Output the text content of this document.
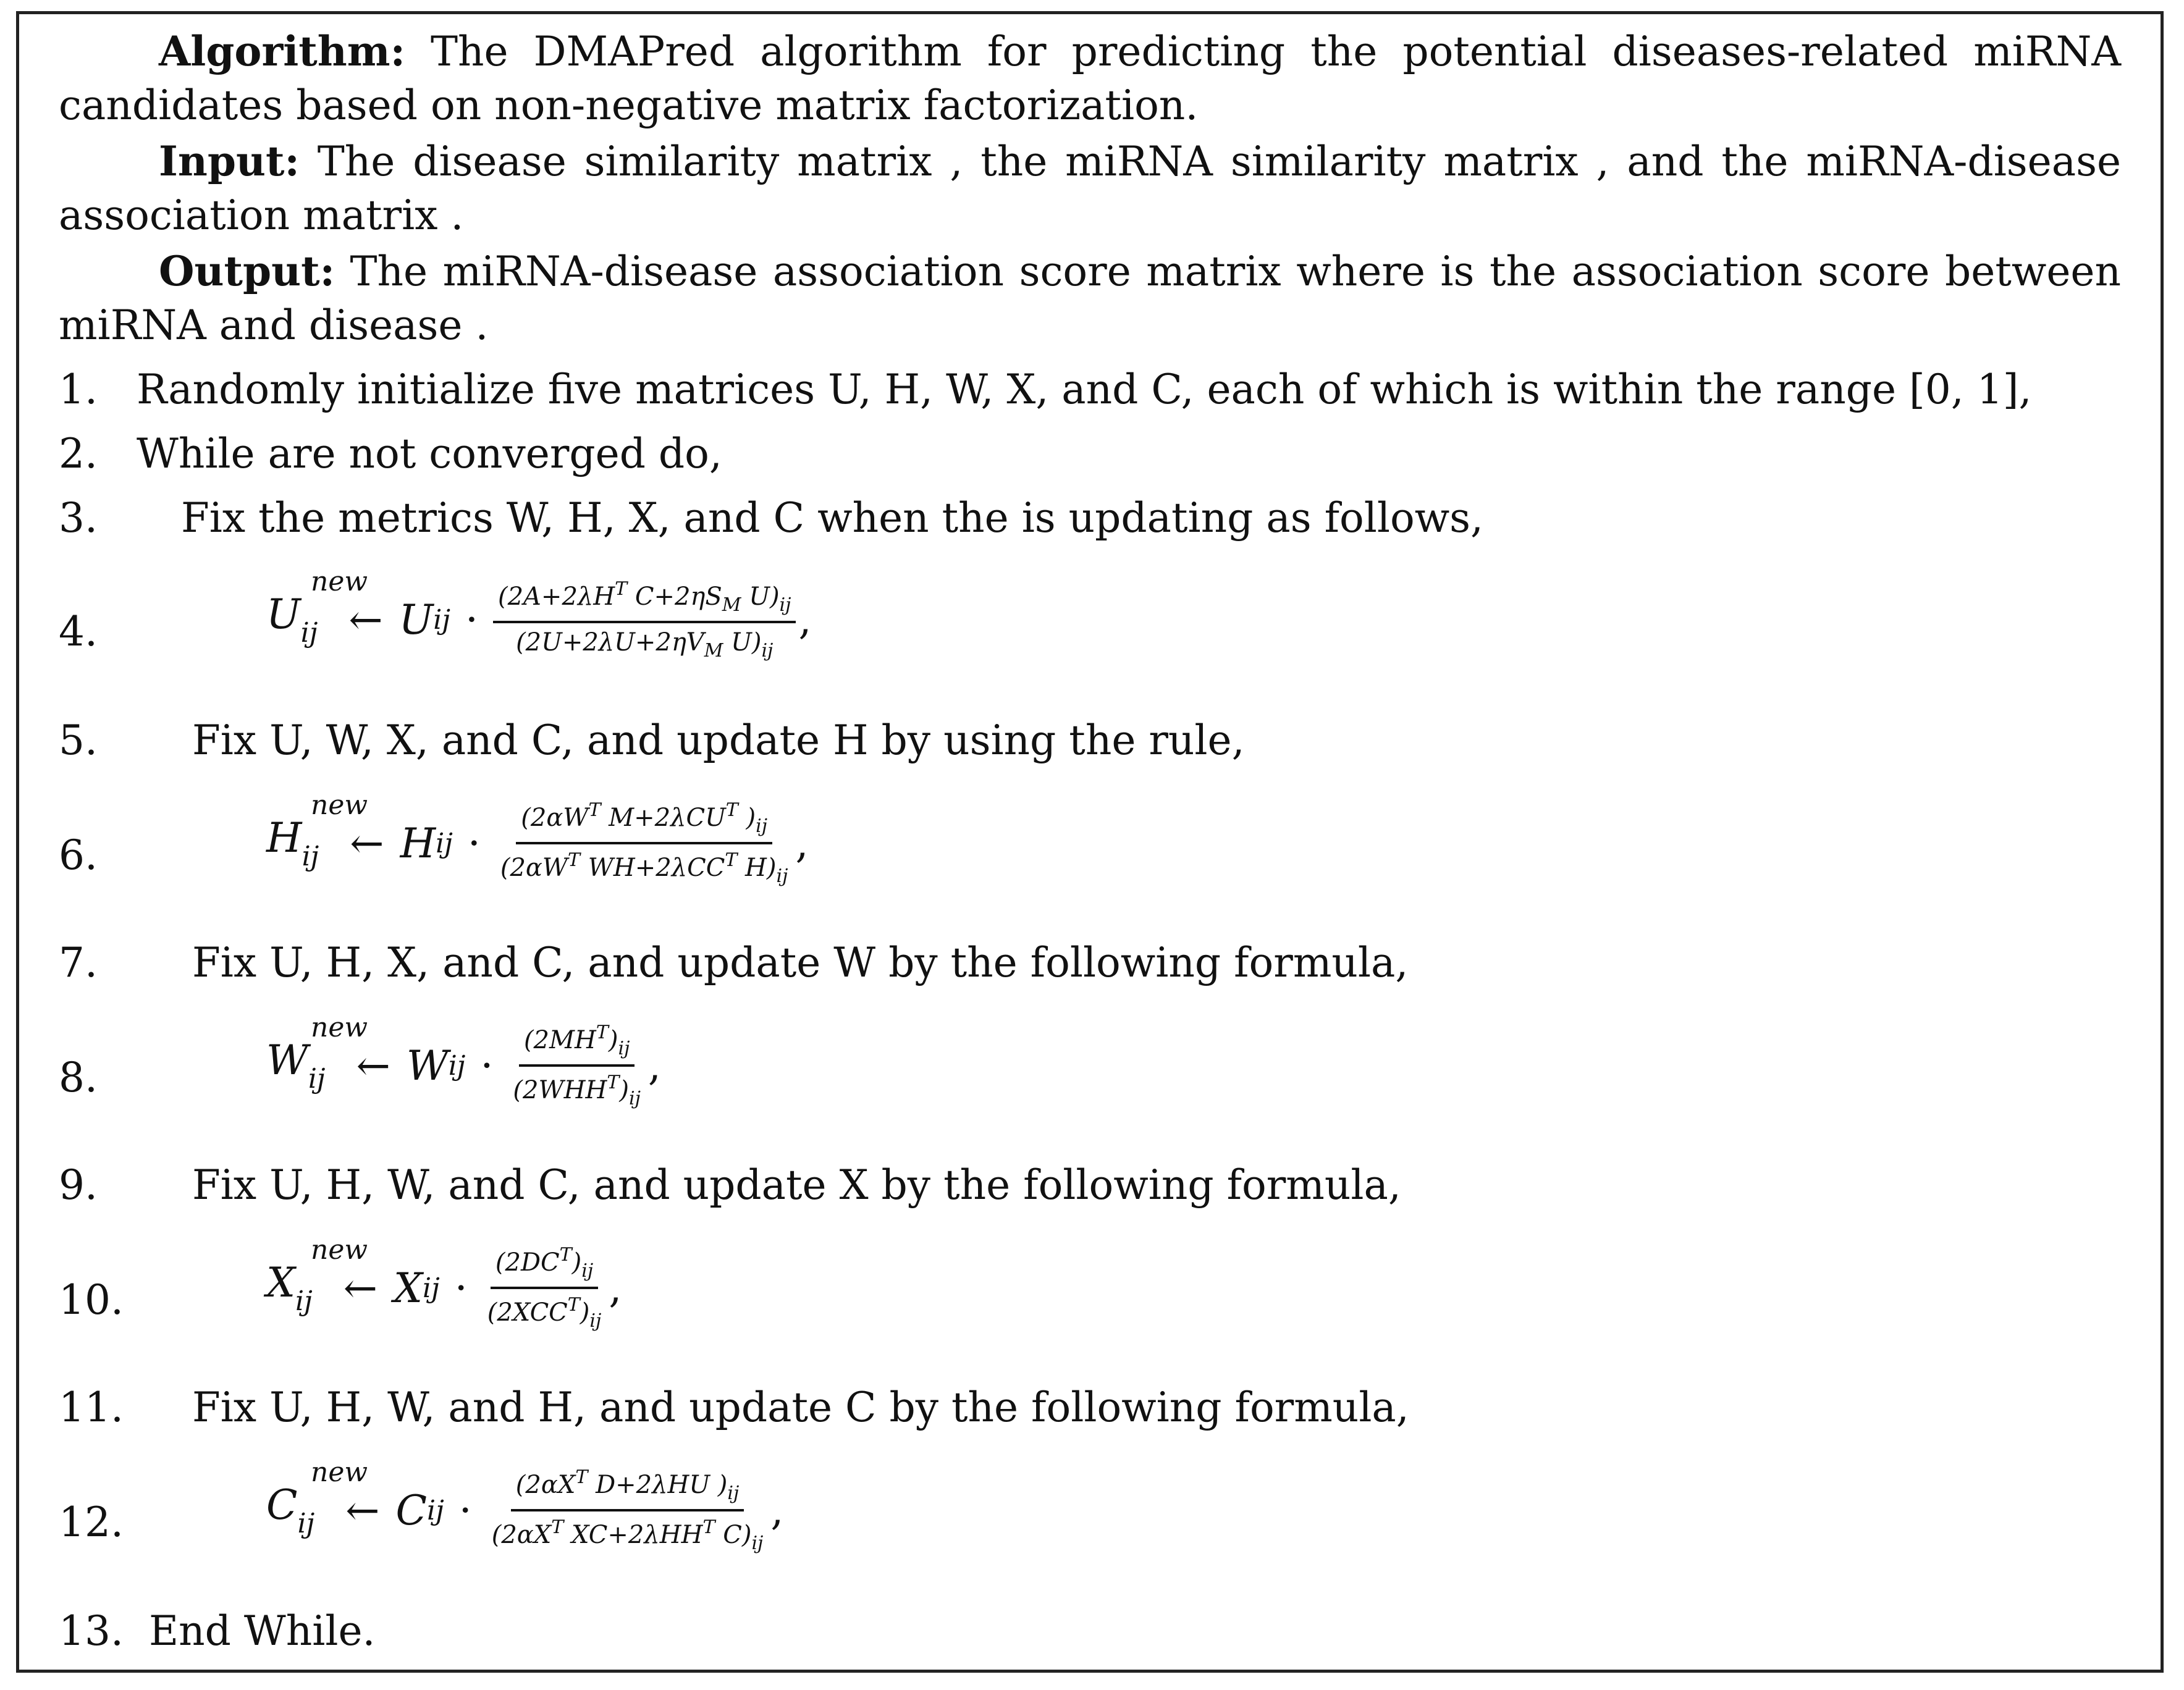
Algorithm: The DMAPred algorithm for predicting the potential diseases-related miRNA
candidates based on non-negative matrix factorization.
Input: The disease similarity matrix , the miRNA similarity matrix , and the miRNA-disease
association matrix .
Output: The miRNA-disease association score matrix where is the association score between
miRNA and disease .
1. Randomly initialize five matrices U, H, W, X, and C, each of which is within the range [0, 1],
2. While are not converged do,
3. Fix the metrics W, H, X, and C when the is updating as follows,
4.	U
new
$_{ij}$ ← U ij · $\frac{(2A+2\lambda H^T C+2\eta S_M U)_{ij}}{(2U+2\lambda U+2\eta V_M U)_{ij}}$ ,
5. Fix U, W, X, and C, and update H by using the rule,
6.	H
new
$_{ij}$ ← H ij · $\frac{(2\alpha W^T M+2\lambda CU^T )_{ij}}{(2\alpha W^T WH+2\lambda CC^T H)_{ij}}$ ,
7. Fix U, H, X, and C, and update W by the following formula,
8.	W
new
$_{ij}$ ← W ij · $\frac{(2MH^T)_{ij}}{(2WHH^T)_{ij}}$ ,
9. Fix U, H, W, and C, and update X by the following formula,
10.	X
new
$_{ij}$ ← X ij · $\frac{(2DC^T)_{ij}}{(2XCC^T)_{ij}}$ ,
11. Fix U, H, W, and H, and update C by the following formula,
12.	C
new
$_{ij}$ ← C ij · $\frac{(2\alpha X^T D+2\lambda HU )_{ij}}{(2\alpha X^T XC+2\lambda HH^T C)_{ij}}$ ,
13. End While.
